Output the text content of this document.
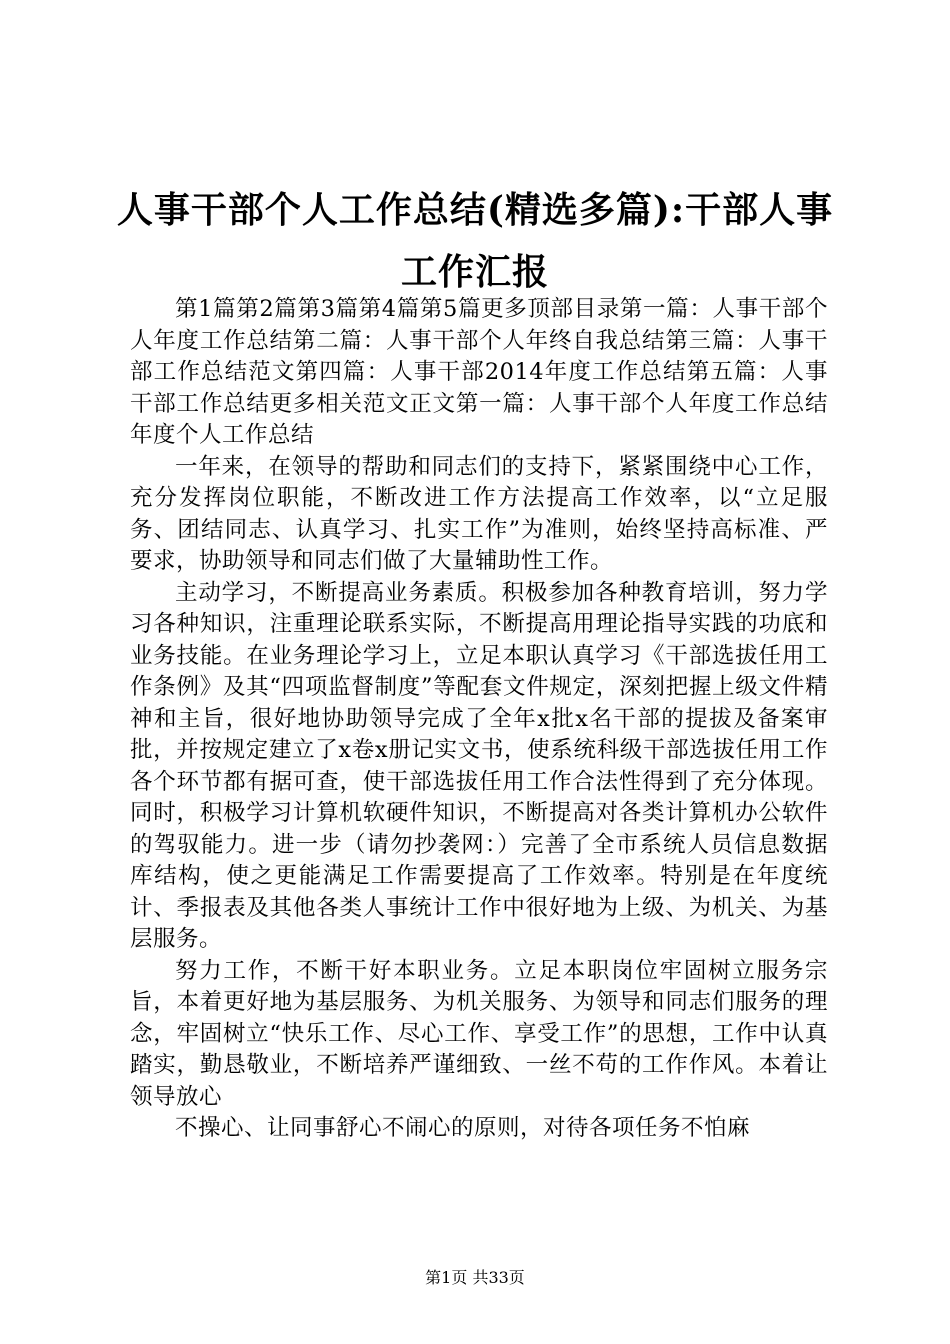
人事干部个人工作总结(精选多篇):干部人事
工作汇报

第1篇第2篇第3篇第4篇第5篇更多顶部目录第一篇：人事干部个人年度工作总结第二篇：人事干部个人年终自我总结第三篇：人事干部工作总结范文第四篇：人事干部2014年度工作总结第五篇：人事干部工作总结更多相关范文正文第一篇：人事干部个人年度工作总结年度个人工作总结

一年来，在领导的帮助和同志们的支持下，紧紧围绕中心工作，充分发挥岗位职能，不断改进工作方法提高工作效率，以“立足服务、团结同志、认真学习、扎实工作”为准则，始终坚持高标准、严要求，协助领导和同志们做了大量辅助性工作。

主动学习，不断提高业务素质。积极参加各种教育培训，努力学习各种知识，注重理论联系实际，不断提高用理论指导实践的功底和业务技能。在业务理论学习上，立足本职认真学习《干部选拔任用工作条例》及其“四项监督制度”等配套文件规定，深刻把握上级文件精神和主旨，很好地协助领导完成了全年x批x名干部的提拔及备案审批，并按规定建立了x卷x册记实文书，使系统科级干部选拔任用工作各个环节都有据可查，使干部选拔任用工作合法性得到了充分体现。同时，积极学习计算机软硬件知识，不断提高对各类计算机办公软件的驾驭能力。进一步（请勿抄袭网：）完善了全市系统人员信息数据库结构，使之更能满足工作需要提高了工作效率。特别是在年度统计、季报表及其他各类人事统计工作中很好地为上级、为机关、为基层服务。

努力工作，不断干好本职业务。立足本职岗位牢固树立服务宗旨，本着更好地为基层服务、为机关服务、为领导和同志们服务的理念，牢固树立“快乐工作、尽心工作、享受工作”的思想，工作中认真踏实，勤恳敬业，不断培养严谨细致、一丝不苟的工作作风。本着让领导放心

不操心、让同事舒心不闹心的原则，对待各项任务不怕麻

第1页 共33页
